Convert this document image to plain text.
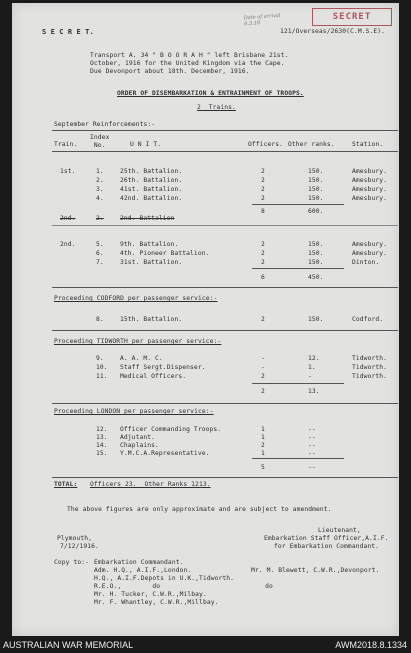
SECRET
Date of arrival
6.3.18
S E C R E T.	121/Overseas/2630(C.M.S.E).
Transport A. 34 " B O O R A H " left Brisbane 21st.
October, 1916 for the United Kingdom via the Cape.
Due Devonport about 18th. December, 1916.
ORDER OF DISEMBARKATION & ENTRAINMENT OF TROOPS.
2  Trains.
September Reinforcements:-
Train.
Index
No.	U N I T.	Officers. Other ranks.	Station.
1st.	1.	25th. Battalion.	2	150.	Amesbury.
2.	26th. Battalion.	2	150.	Amesbury.
3.	41st. Battalion.	2	150.	Amesbury.
4.	42nd. Battalion.	2	150.	Amesbury.
8	600.
2nd.	2.	2nd. Battalion
2nd.	5.	9th. Battalion.	2	150.	Amesbury.
6.	4th. Pioneer Battalion.	2	150.	Amesbury.
7.	31st. Battalion.	2	150.	Dinton.
6	450.
Proceeding CODFORD per passenger service:-
8.	15th. Battalion.	2	150.	Codford.
Proceeding TIDWORTH per passenger service:-
9.	A. A. M. C.	-	12.	Tidworth.
10. Staff Sergt.Dispenser.	-	1.	Tidworth.
11. Medical Officers.	2	-	Tidworth.
2	13.
Proceeding LONDON per passenger service:-
12. Officer Commanding Troops.	1	--
13. Adjutant.	1	--
14. Chaplains.	2	--
15. Y.M.C.A.Representative.	1	--
5	--
TOTAL: Officers 23.  Other Ranks 1213.
The above figures are only approximate and are subject to amendment.
Lieutenant,
Embarkation Staff Officer,A.I.F.
for Embarkation Commandant.
Plymouth,
7/12/1916.
Copy to:- Embarkation Commandant.
Adm. H.Q., A.I.F.,London.
H.Q., A.I.F.Depots in U.K.,Tidworth.
R.E.O.,        do
Mr. H. Tucker, C.W.R.,Milbay.
Mr. F. Whantley, C.W.R.,Millbay.
Mr. M. Blewett, C.W.R.,Devonport.
do
AUSTRALIAN WAR MEMORIAL	AWM2018.8.1334
